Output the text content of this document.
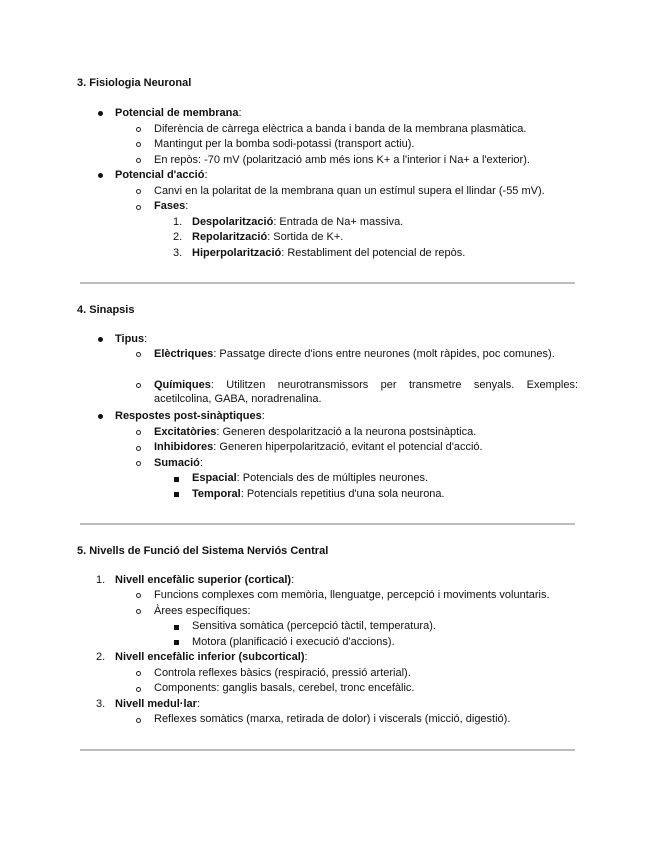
3. Fisiologia Neuronal
Potencial de membrana:
Diferència de càrrega elèctrica a banda i banda de la membrana plasmàtica.
Mantingut per la bomba sodi-potassi (transport actiu).
En repòs: -70 mV (polarització amb més ions K+ a l'interior i Na+ a l'exterior).
Potencial d'acció:
Canvi en la polaritat de la membrana quan un estímul supera el llindar (-55 mV).
Fases:
1. Despolarització: Entrada de Na+ massiva.
2. Repolarització: Sortida de K+.
3. Hiperpolarització: Restabliment del potencial de repòs.
4. Sinapsis
Tipus:
Elèctriques: Passatge directe d'ions entre neurones (molt ràpides, poc comunes).
Químiques: Utilitzen neurotransmissors per transmetre senyals. Exemples: acetilcolina, GABA, noradrenalina.
Respostes post-sinàptiques:
Excitatòries: Generen despolarització a la neurona postsinàptica.
Inhibidores: Generen hiperpolarització, evitant el potencial d'acció.
Sumació:
Espacial: Potencials des de múltiples neurones.
Temporal: Potencials repetitius d'una sola neurona.
5. Nivells de Funció del Sistema Nerviós Central
1. Nivell encefàlic superior (cortical):
Funcions complexes com memòria, llenguatge, percepció i moviments voluntaris.
Àrees específiques:
Sensitiva somàtica (percepció tàctil, temperatura).
Motora (planificació i execució d'accions).
2. Nivell encefàlic inferior (subcortical):
Controla reflexes bàsics (respiració, pressió arterial).
Components: ganglis basals, cerebel, tronc encefàlic.
3. Nivell medul·lar:
Reflexes somàtics (marxa, retirada de dolor) i viscerals (micció, digestió).
